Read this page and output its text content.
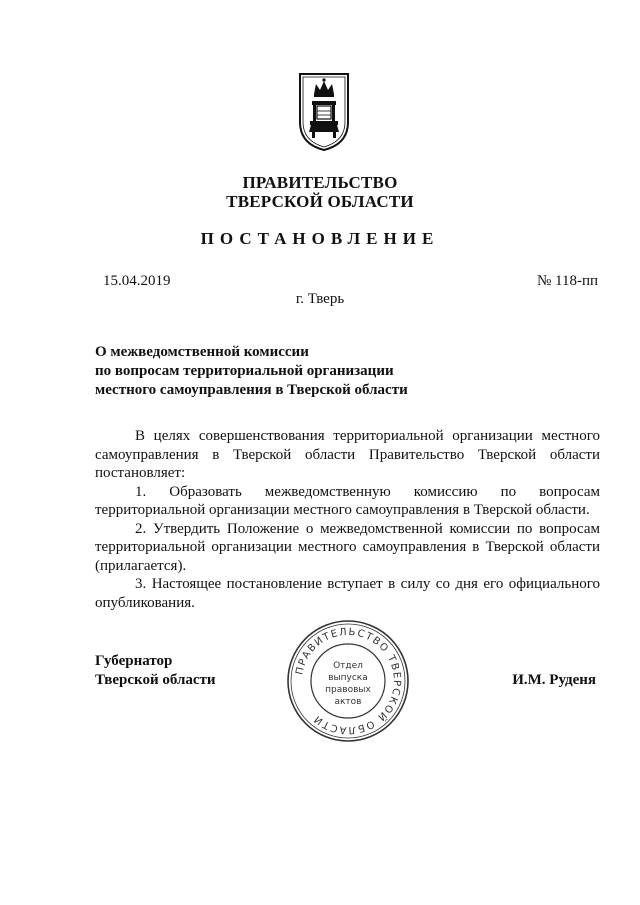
ПРАВИТЕЛЬСТВО
ТВЕРСКОЙ ОБЛАСТИ
ПОСТАНОВЛЕНИЕ
15.04.2019	№ 118-пп
г. Тверь
О межведомственной комиссии
по вопросам территориальной организации
местного самоуправления в Тверской области

В целях совершенствования территориальной организации местного самоуправления в Тверской области Правительство Тверской области постановляет:

1. Образовать межведомственную комиссию по вопросам территориальной организации местного самоуправления в Тверской области.

2. Утвердить Положение о межведомственной комиссии по вопросам территориальной организации местного самоуправления в Тверской области (прилагается).

3. Настоящее постановление вступает в силу со дня его официального опубликования.

Губернатор
Тверской области	И.М. Руденя
ПРАВИТЕЛЬСТВО ТВЕРСКОЙ ОБЛАСТИ
Отдел
выпуска
правовых
актов
